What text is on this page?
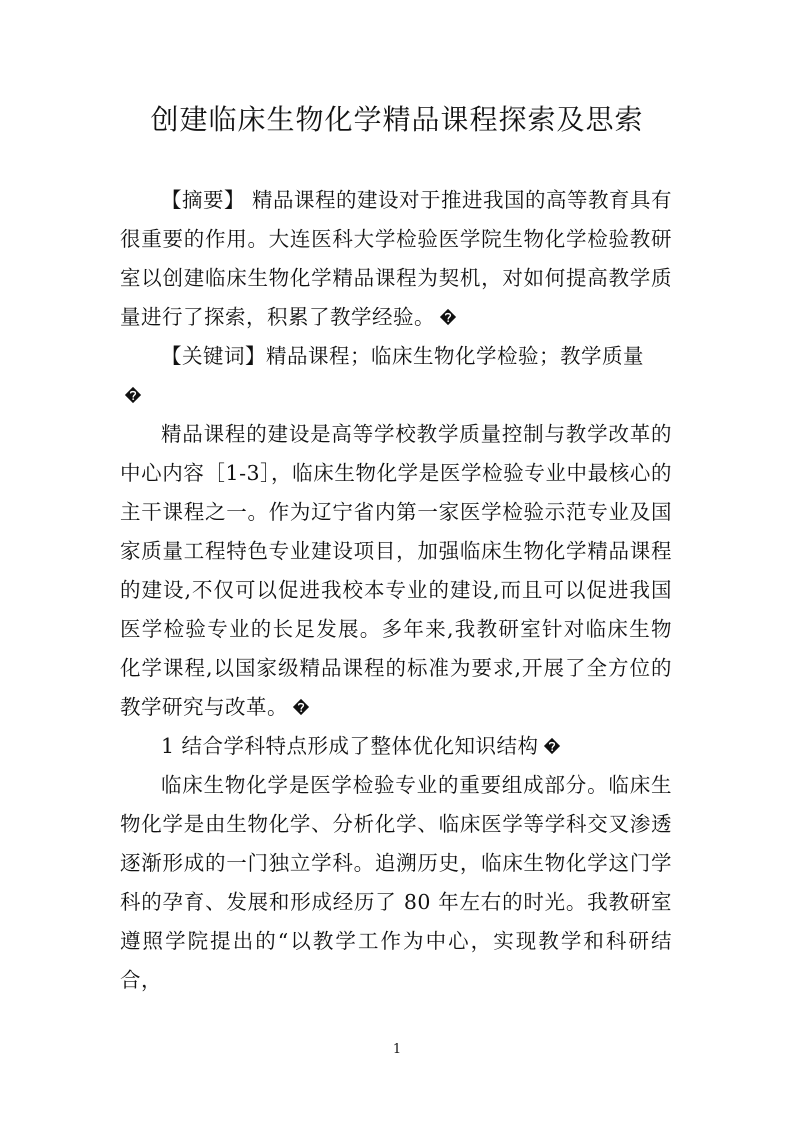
创建临床生物化学精品课程探索及思索

【摘要】 精品课程的建设对于推进我国的高等教育具有很重要的作用。大连医科大学检验医学院生物化学检验教研室以创建临床生物化学精品课程为契机，对如何提高教学质量进行了探索，积累了教学经验。

【关键词】精品课程；临床生物化学检验；教学质量

精品课程的建设是高等学校教学质量控制与教学改革的中心内容［1-3］，临床生物化学是医学检验专业中最核心的主干课程之一。作为辽宁省内第一家医学检验示范专业及国家质量工程特色专业建设项目，加强临床生物化学精品课程的建设,不仅可以促进我校本专业的建设,而且可以促进我国医学检验专业的长足发展。多年来,我教研室针对临床生物化学课程,以国家级精品课程的标准为要求,开展了全方位的教学研究与改革。

1 结合学科特点形成了整体优化知识结构

临床生物化学是医学检验专业的重要组成部分。临床生物化学是由生物化学、分析化学、临床医学等学科交叉渗透逐渐形成的一门独立学科。追溯历史，临床生物化学这门学科的孕育、发展和形成经历了 80 年左右的时光。我教研室遵照学院提出的“以教学工作为中心，实现教学和科研结合，

1
